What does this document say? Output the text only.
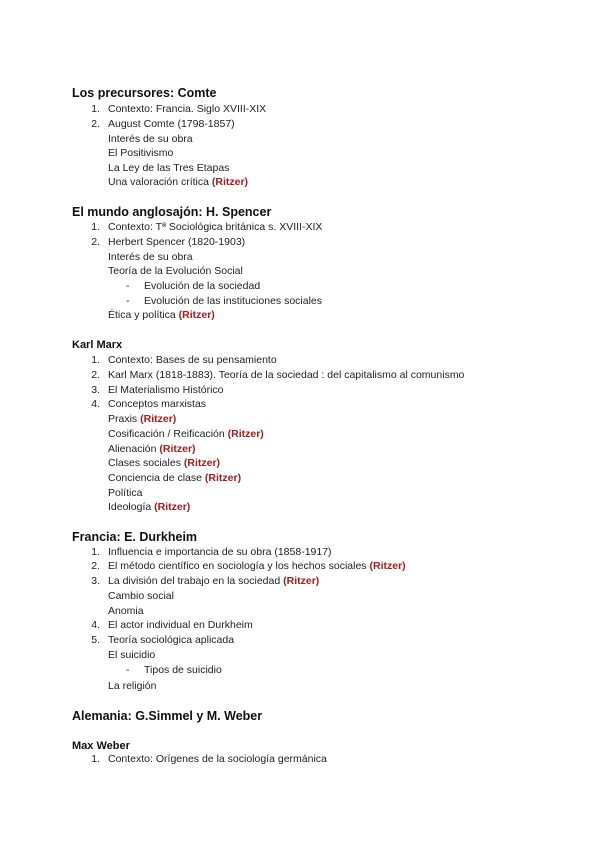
Los precursores: Comte
1. Contexto: Francia. Siglo XVIII-XIX
2. August Comte (1798-1857)
Interés de su obra
El Positivismo
La Ley de las Tres Etapas
Una valoración crítica (Ritzer)
El mundo anglosajón: H. Spencer
1. Contexto: Tª Sociológica británica s. XVIII-XIX
2. Herbert Spencer (1820-1903)
Interés de su obra
Teoría de la Evolución Social
- Evolución de la sociedad
- Evolución de las instituciones sociales
Ética y política (Ritzer)
Karl Marx
1. Contexto: Bases de su pensamiento
2. Karl Marx (1818-1883). Teoría de la sociedad : del capitalismo al comunismo
3. El Materialismo Histórico
4. Conceptos marxistas
Praxis (Ritzer)
Cosificación / Reificación (Ritzer)
Alienación (Ritzer)
Clases sociales (Ritzer)
Conciencia de clase (Ritzer)
Política
Ideología (Ritzer)
Francia: E. Durkheim
1. Influencia e importancia de su obra (1858-1917)
2. El método científico en sociología y los hechos sociales (Ritzer)
3. La división del trabajo en la sociedad (Ritzer)
Cambio social
Anomia
4. El actor individual en Durkheim
5. Teoría sociológica aplicada
El suicidio
- Tipos de suicidio
La religión
Alemania: G.Simmel y M. Weber
Max Weber
1. Contexto: Orígenes de la sociología germánica
